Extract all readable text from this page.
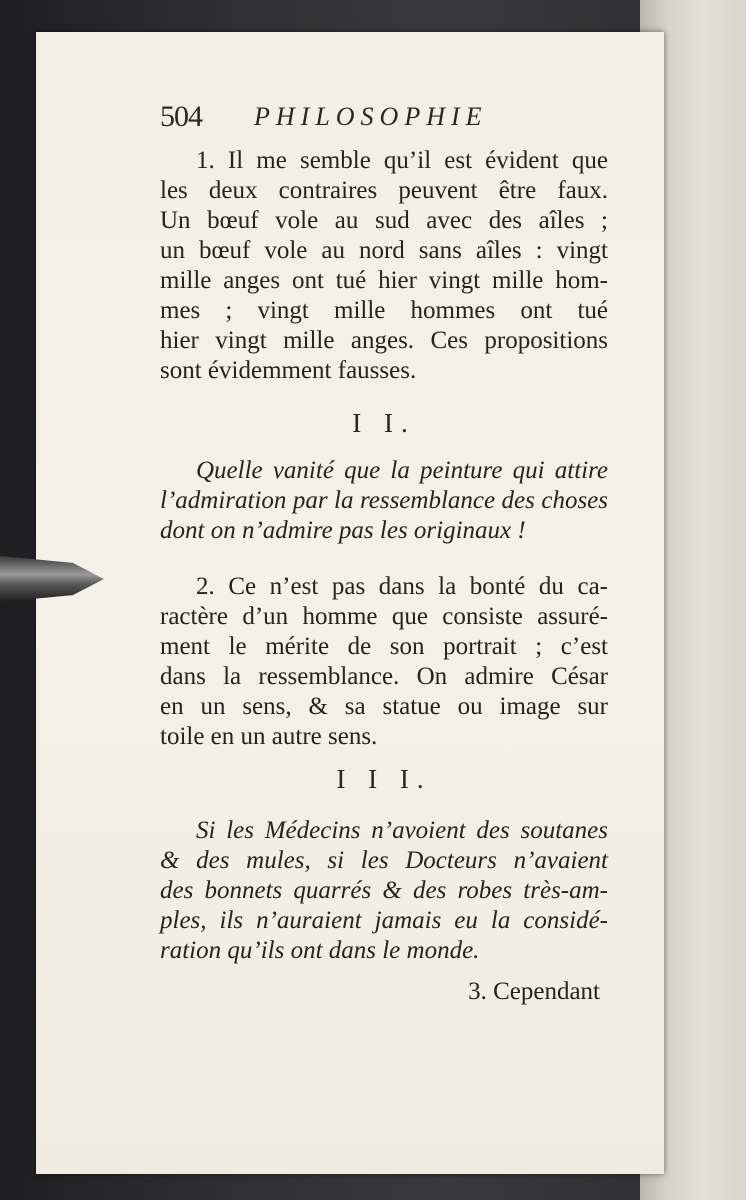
504 PHILOSOPHIE

1. Il me semble qu’il est évident que
les deux contraires peuvent être faux.
Un bœuf vole au sud avec des aîles ;
un bœuf vole au nord sans aîles : vingt
mille anges ont tué hier vingt mille hom-
mes ; vingt mille hommes ont tué
hier vingt mille anges. Ces propositions
sont évidemment fausses.

I I.

Quelle vanité que la peinture qui attire
l’admiration par la ressemblance des choses
dont on n’admire pas les originaux !

2. Ce n’est pas dans la bonté du ca-
ractère d’un homme que consiste assuré-
ment le mérite de son portrait ; c’est
dans la ressemblance. On admire César
en un sens, & sa statue ou image sur
toile en un autre sens.

I I I.

Si les Médecins n’avoient des soutanes
& des mules, si les Docteurs n’avaient
des bonnets quarrés & des robes très-am-
ples, ils n’auraient jamais eu la considé-
ration qu’ils ont dans le monde.

3. Cependant
